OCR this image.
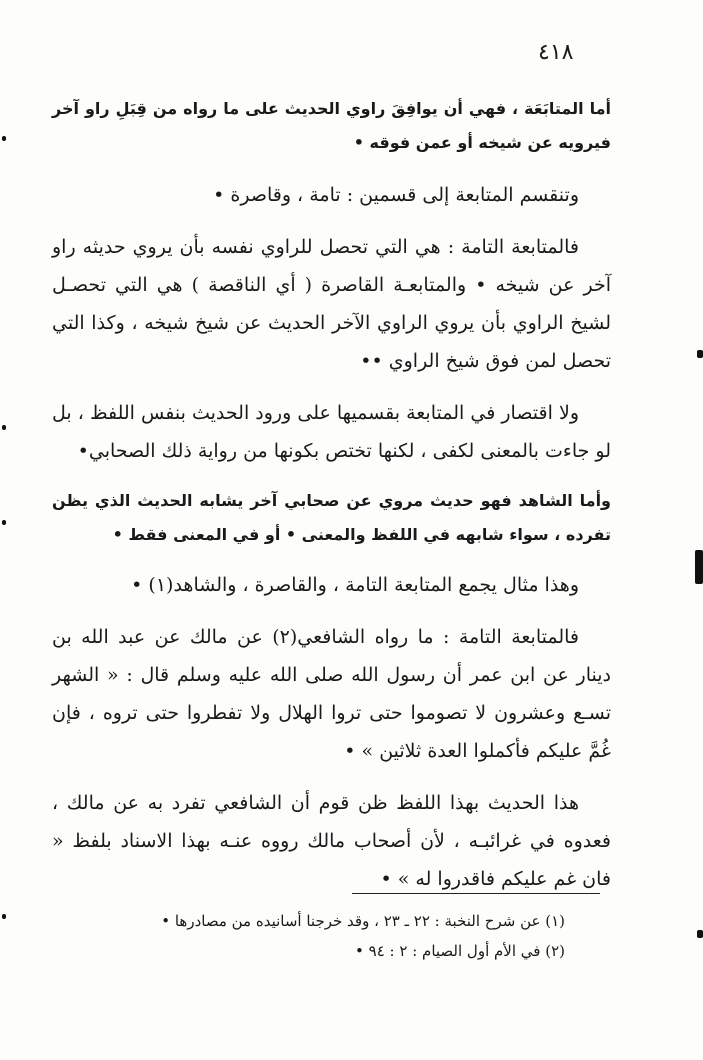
٤١٨

أما المتابَعَة ، فهي أن يوافِقَ راوي الحديث على ما رواه من قِبَلِ راو آخر فيرويه عن شيخه أو عمن فوقه •

وتنقسم المتابعة إلى قسمين : تامة ، وقاصرة •

فالمتابعة التامة : هي التي تحصل للراوي نفسه بأن يروي حديثه راو آخر عن شيخه • والمتابعـة القاصرة ( أي الناقصة ) هي التي تحصـل لشيخ الراوي بأن يروي الراوي الآخر الحديث عن شيخ شيخه ، وكذا التي تحصل لمن فوق شيخ الراوي ••

ولا اقتصار في المتابعة بقسميها على ورود الحديث بنفس اللفظ ، بل لو جاءت بالمعنى لكفى ، لكنها تختص بكونها من رواية ذلك الصحابي•

وأما الشاهد فهو حديث مروي عن صحابي آخر يشابه الحديث الذي يظن تفرده ، سواء شابهه في اللفظ والمعنى • أو في المعنى فقط •

وهذا مثال يجمع المتابعة التامة ، والقاصرة ، والشاهد(١) •

فالمتابعة التامة : ما رواه الشافعي(٢) عن مالك عن عبد الله بن دينار عن ابن عمر أن رسول الله صلى الله عليه وسلم قال : « الشهر تسـع وعشرون لا تصوموا حتى تروا الهلال ولا تفطروا حتى تروه ، فإن غُمَّ عليكم فأكملوا العدة ثلاثين » •

هذا الحديث بهذا اللفظ ظن قوم أن الشافعي تفرد به عن مالك ، فعدوه في غرائبـه ، لأن أصحاب مالك رووه عنـه بهذا الاسناد بلفظ « فان غم عليكم فاقدروا له » •

(١) عن شرح النخبة : ٢٢ ـ ٢٣ ، وقد خرجنا أسانيده من مصادرها •
(٢) في الأم أول الصيام : ٢ : ٩٤ •
